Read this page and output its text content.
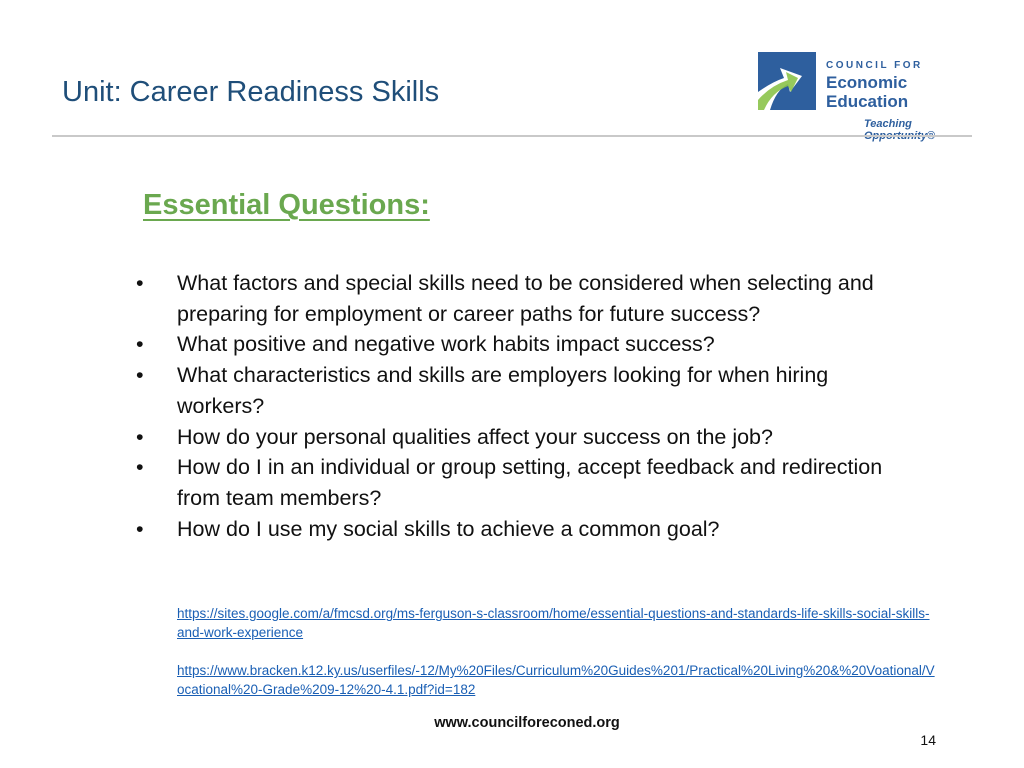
Unit: Career Readiness Skills
COUNCIL FOR
Economic
Education
Teaching
Essential Questions:
• What factors and special skills need to be considered when selecting and preparing for employment or career paths for future success?
• What positive and negative work habits impact success?
• What characteristics and skills are employers looking for when hiring workers?
• How do your personal qualities affect your success on the job?
• How do I in an individual or group setting, accept feedback and redirection from team members?
• How do I use my social skills to achieve a common goal?
https://sites.google.com/a/fmcsd.org/ms-ferguson-s-classroom/home/essential-questions-and-standards-life-skills-social-skills-and-work-experience
https://www.bracken.k12.ky.us/userfiles/-12/My%20Files/Curriculum%20Guides%201/Practical%20Living%20&%20Voational/Vocational%20-Grade%209-12%20-4.1.pdf?id=182
www.councilforeconed.org
14
